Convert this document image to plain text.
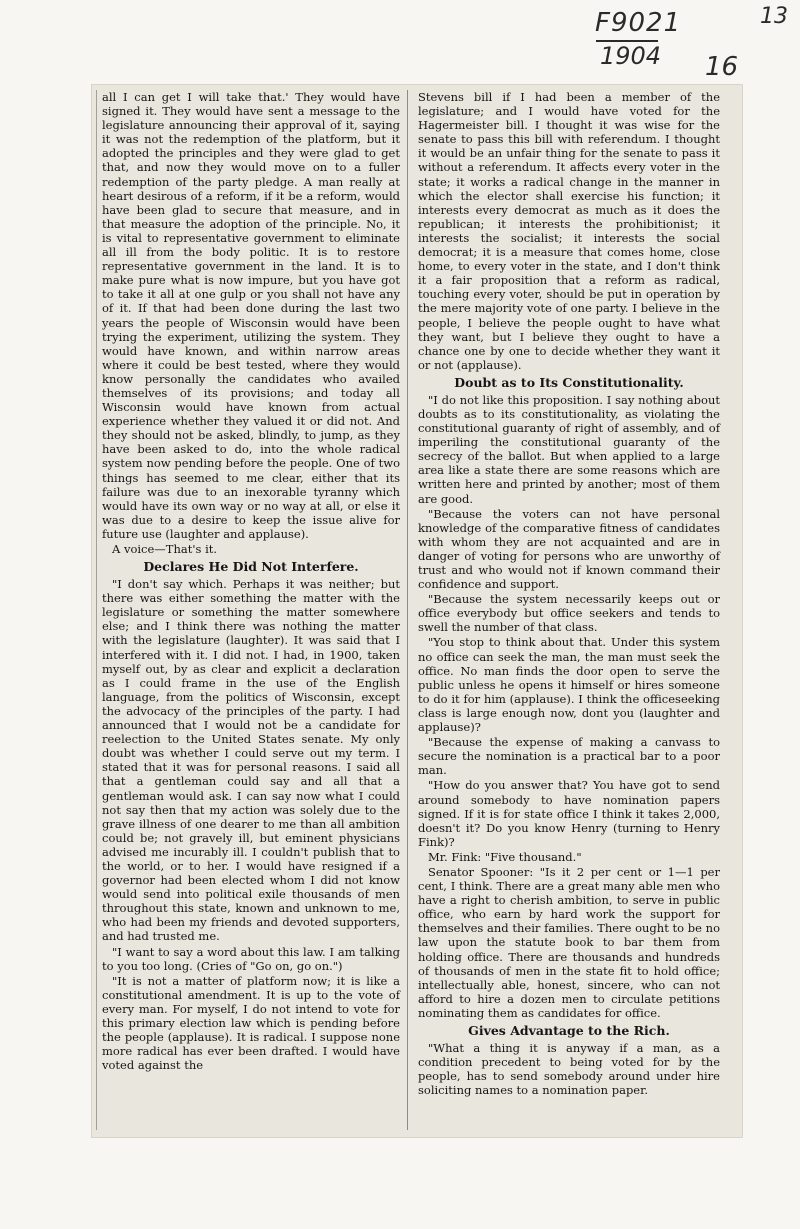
F9021
1904 16
13

all I can get I will take that.' They would have signed it. They would have sent a message to the legislature announcing their approval of it, saying it was not the redemption of the platform, but it adopted the principles and they were glad to get that, and now they would move on to a fuller redemption of the party pledge. A man really at heart desirous of a reform, if it be a reform, would have been glad to secure that measure, and in that measure the adoption of the principle. No, it is vital to representative government to eliminate all ill from the body politic. It is to restore representative government in the land. It is to make pure what is now impure, but you have got to take it all at one gulp or you shall not have any of it. If that had been done during the last two years the people of Wisconsin would have been trying the experiment, utilizing the system. They would have known, and within narrow areas where it could be best tested, where they would know personally the candidates who availed themselves of its provisions; and today all Wisconsin would have known from actual experience whether they valued it or did not. And they should not be asked, blindly, to jump, as they have been asked to do, into the whole radical system now pending before the people. One of two things has seemed to me clear, either that its failure was due to an inexorable tyranny which would have its own way or no way at all, or else it was due to a desire to keep the issue alive for future use (laughter and applause).

A voice—That's it.

Declares He Did Not Interfere.

"I don't say which. Perhaps it was neither; but there was either something the matter with the legislature or something the matter somewhere else; and I think there was nothing the matter with the legislature (laughter). It was said that I interfered with it. I did not. I had, in 1900, taken myself out, by as clear and explicit a declaration as I could frame in the use of the English language, from the politics of Wisconsin, except the advocacy of the principles of the party. I had announced that I would not be a candidate for reelection to the United States senate. My only doubt was whether I could serve out my term. I stated that it was for personal reasons. I said all that a gentleman could say and all that a gentleman would ask. I can say now what I could not say then that my action was solely due to the grave illness of one dearer to me than all ambition could be; not gravely ill, but eminent physicians advised me incurably ill. I couldn't publish that to the world, or to her. I would have resigned if a governor had been elected whom I did not know would send into political exile thousands of men throughout this state, known and unknown to me, who had been my friends and devoted supporters, and had trusted me.

"I want to say a word about this law. I am talking to you too long. (Cries of "Go on, go on.")

"It is not a matter of platform now; it is like a constitutional amendment. It is up to the vote of every man. For myself, I do not intend to vote for this primary election law which is pending before the people (applause). It is radical. I suppose none more radical has ever been drafted. I would have voted against the

Stevens bill if I had been a member of the legislature; and I would have voted for the Hagermeister bill. I thought it was wise for the senate to pass this bill with referendum. I thought it would be an unfair thing for the senate to pass it without a referendum. It affects every voter in the state; it works a radical change in the manner in which the elector shall exercise his function; it interests every democrat as much as it does the republican; it interests the prohibitionist; it interests the socialist; it interests the social democrat; it is a measure that comes home, close home, to every voter in the state, and I don't think it a fair proposition that a reform as radical, touching every voter, should be put in operation by the mere majority vote of one party. I believe in the people, I believe the people ought to have what they want, but I believe they ought to have a chance one by one to decide whether they want it or not (applause).

Doubt as to Its Constitutionality.

"I do not like this proposition. I say nothing about doubts as to its constitutionality, as violating the constitutional guaranty of right of assembly, and of imperiling the constitutional guaranty of the secrecy of the ballot. But when applied to a large area like a state there are some reasons which are written here and printed by another; most of them are good.

"Because the voters can not have personal knowledge of the comparative fitness of candidates with whom they are not acquainted and are in danger of voting for persons who are unworthy of trust and who would not if known command their confidence and support.

"Because the system necessarily keeps out or office everybody but office seekers and tends to swell the number of that class.

"You stop to think about that. Under this system no office can seek the man, the man must seek the office. No man finds the door open to serve the public unless he opens it himself or hires someone to do it for him (applause). I think the officeseeking class is large enough now, dont you (laughter and applause)?

"Because the expense of making a canvass to secure the nomination is a practical bar to a poor man.

"How do you answer that? You have got to send around somebody to have nomination papers signed. If it is for state office I think it takes 2,000, doesn't it? Do you know Henry (turning to Henry Fink)?

Mr. Fink: "Five thousand."

Senator Spooner: "Is it 2 per cent or 1—1 per cent, I think. There are a great many able men who have a right to cherish ambition, to serve in public office, who earn by hard work the support for themselves and their families. There ought to be no law upon the statute book to bar them from holding office. There are thousands and hundreds of thousands of men in the state fit to hold office; intellectually able, honest, sincere, who can not afford to hire a dozen men to circulate petitions nominating them as candidates for office.

Gives Advantage to the Rich.

"What a thing it is anyway if a man, as a condition precedent to being voted for by the people, has to send somebody around under hire soliciting names to a nomination paper.
